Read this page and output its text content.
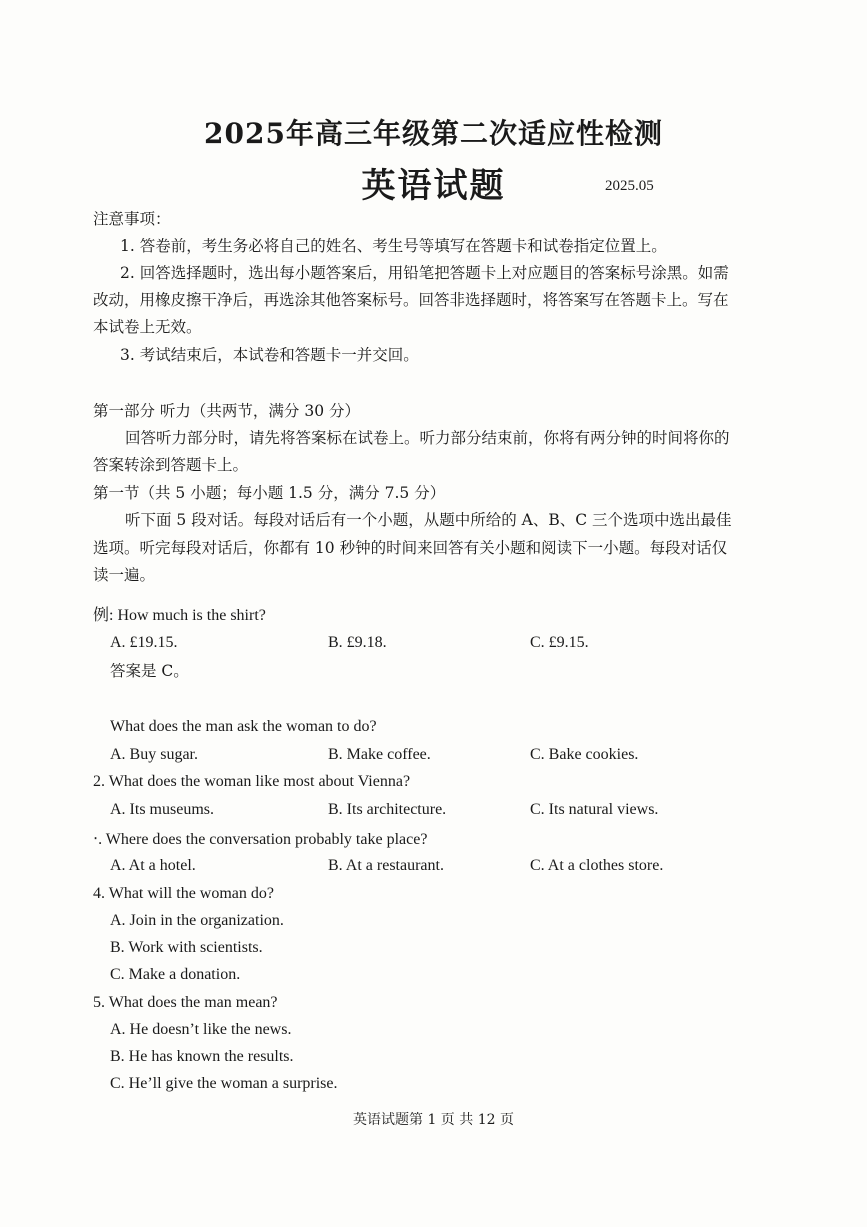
2025年高三年级第二次适应性检测
英语试题	2025.05
注意事项：
1. 答卷前，考生务必将自己的姓名、考生号等填写在答题卡和试卷指定位置上。
2. 回答选择题时，选出每小题答案后，用铅笔把答题卡上对应题目的答案标号涂黑。如需
改动，用橡皮擦干净后，再选涂其他答案标号。回答非选择题时，将答案写在答题卡上。写在
本试卷上无效。
3. 考试结束后，本试卷和答题卡一并交回。
第一部分 听力（共两节，满分 30 分）
回答听力部分时，请先将答案标在试卷上。听力部分结束前，你将有两分钟的时间将你的
答案转涂到答题卡上。
第一节（共 5 小题；每小题 1.5 分，满分 7.5 分）
听下面 5 段对话。每段对话后有一个小题，从题中所给的 A、B、C 三个选项中选出最佳
选项。听完每段对话后，你都有 10 秒钟的时间来回答有关小题和阅读下一小题。每段对话仅
读一遍。
例: How much is the shirt?
A. £19.15.	B. £9.18.	C. £9.15.
答案是 C。
What does the man ask the woman to do?
A. Buy sugar.	B. Make coffee.	C. Bake cookies.
2. What does the woman like most about Vienna?
A. Its museums.	B. Its architecture.	C. Its natural views.
‧. Where does the conversation probably take place?
A. At a hotel.	B. At a restaurant.	C. At a clothes store.
4. What will the woman do?
A. Join in the organization.
B. Work with scientists.
C. Make a donation.
5. What does the man mean?
A. He doesn’t like the news.
B. He has known the results.
C. He’ll give the woman a surprise.
英语试题第 1 页 共 12 页
